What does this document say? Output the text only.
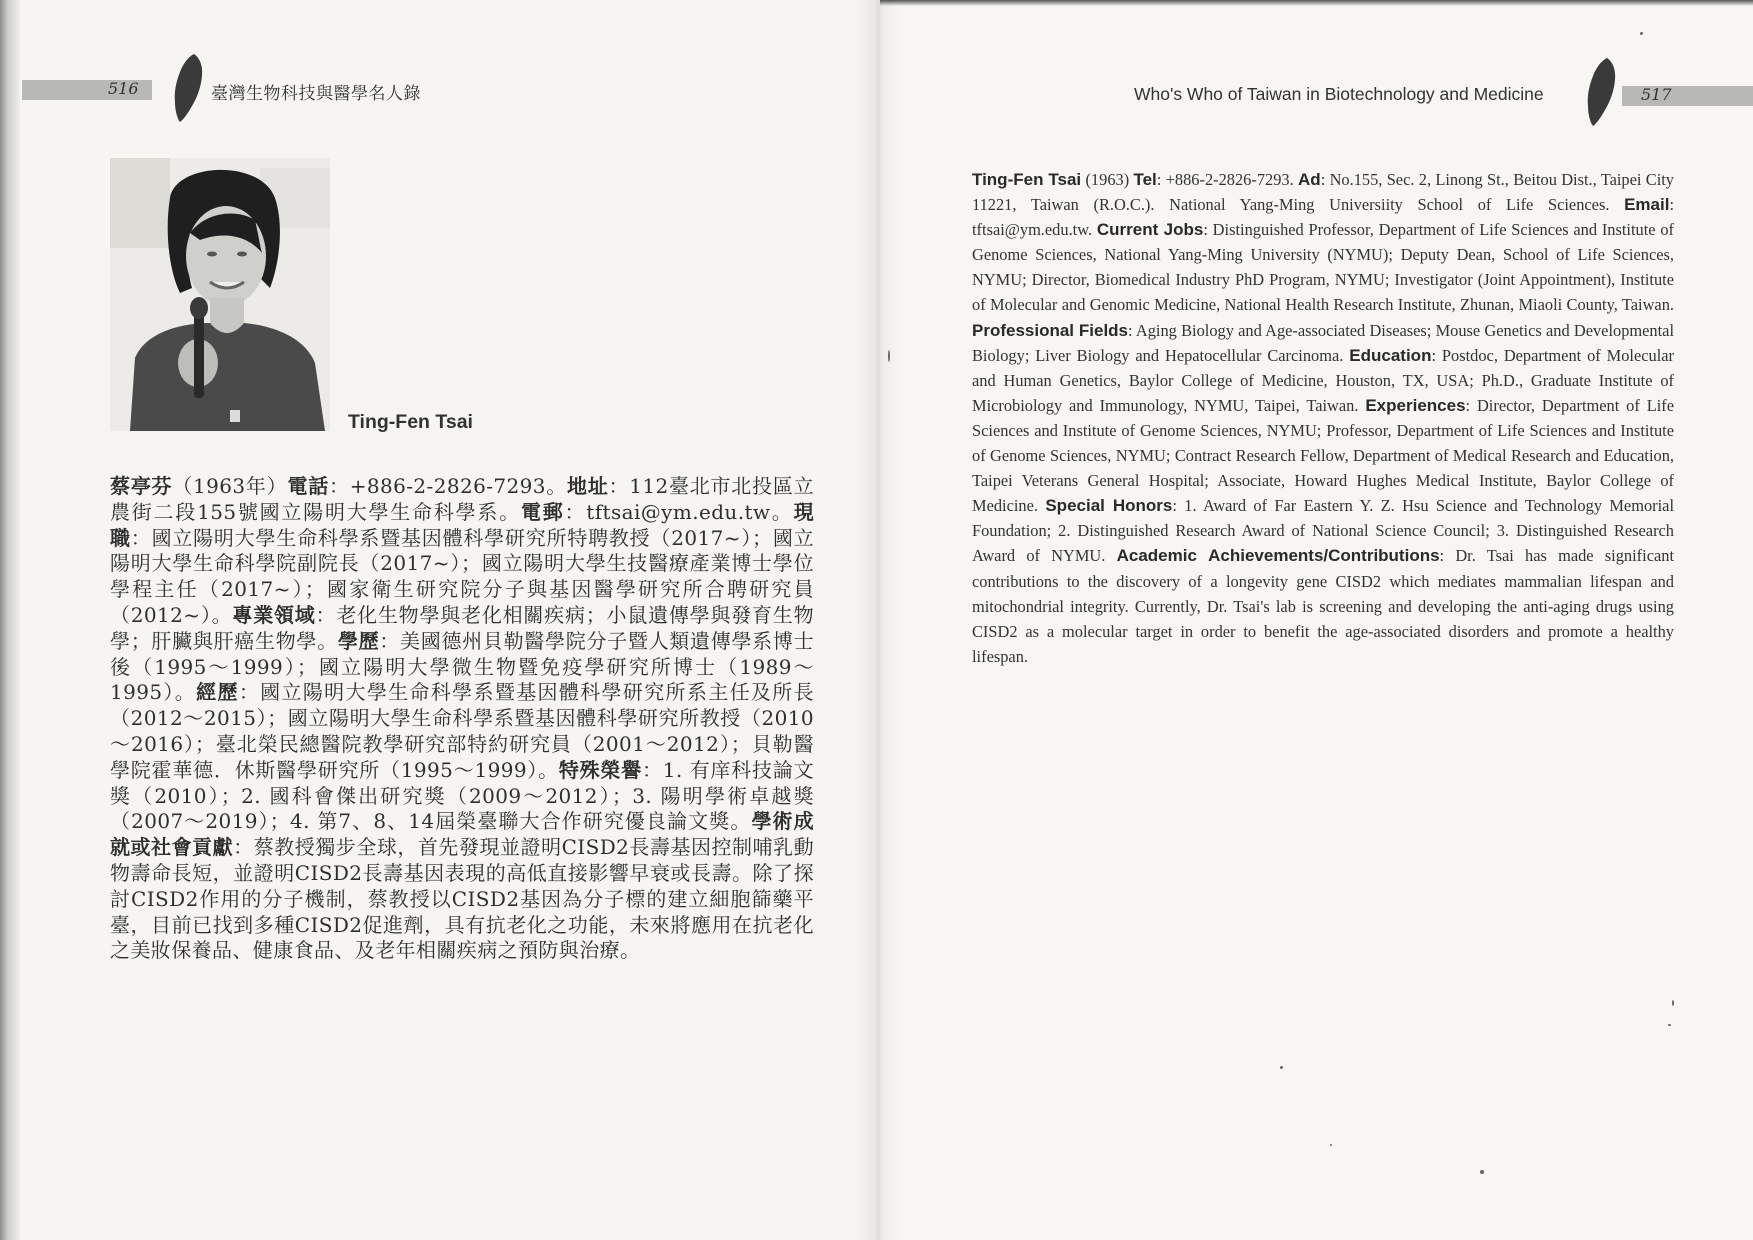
516	臺灣生物科技與醫學名人錄
Ting-Fen Tsai
蔡亭芬（1963年）電話：+886-2-2826-7293。地址：112臺北市北投區立農街二段155號國立陽明大學生命科學系。電郵：tftsai@ym.edu.tw。現職：國立陽明大學生命科學系暨基因體科學研究所特聘教授（2017~）；國立陽明大學生命科學院副院長（2017~）；國立陽明大學生技醫療產業博士學位學程主任（2017~）；國家衛生研究院分子與基因醫學研究所合聘研究員（2012~）。專業領域：老化生物學與老化相關疾病；小鼠遺傳學與發育生物學；肝臟與肝癌生物學。學歷：美國德州貝勒醫學院分子暨人類遺傳學系博士後（1995～1999）；國立陽明大學微生物暨免疫學研究所博士（1989～1995）。經歷：國立陽明大學生命科學系暨基因體科學研究所系主任及所長（2012～2015）；國立陽明大學生命科學系暨基因體科學研究所教授（2010～2016）；臺北榮民總醫院教學研究部特約研究員（2001～2012）；貝勒醫學院霍華德．休斯醫學研究所（1995～1999）。特殊榮譽：1. 有庠科技論文獎（2010）；2. 國科會傑出研究獎（2009～2012）；3. 陽明學術卓越獎（2007～2019）；4. 第7、8、14屆榮臺聯大合作研究優良論文獎。學術成就或社會貢獻：蔡教授獨步全球，首先發現並證明CISD2長壽基因控制哺乳動物壽命長短，並證明CISD2長壽基因表現的高低直接影響早衰或長壽。除了探討CISD2作用的分子機制，蔡教授以CISD2基因為分子標的建立細胞篩藥平臺，目前已找到多種CISD2促進劑，具有抗老化之功能，未來將應用在抗老化之美妝保養品、健康食品、及老年相關疾病之預防與治療。
Who's Who of Taiwan in Biotechnology and Medicine	517
Ting-Fen Tsai (1963) Tel: +886-2-2826-7293. Ad: No.155, Sec. 2, Linong St., Beitou Dist., Taipei City 11221, Taiwan (R.O.C.). National Yang-Ming Universiity School of Life Sciences. Email: tftsai@ym.edu.tw. Current Jobs: Distinguished Professor, Department of Life Sciences and Institute of Genome Sciences, National Yang-Ming University (NYMU); Deputy Dean, School of Life Sciences, NYMU; Director, Biomedical Industry PhD Program, NYMU; Investigator (Joint Appointment), Institute of Molecular and Genomic Medicine, National Health Research Institute, Zhunan, Miaoli County, Taiwan. Professional Fields: Aging Biology and Age-associated Diseases; Mouse Genetics and Developmental Biology; Liver Biology and Hepatocellular Carcinoma. Education: Postdoc, Department of Molecular and Human Genetics, Baylor College of Medicine, Houston, TX, USA; Ph.D., Graduate Institute of Microbiology and Immunology, NYMU, Taipei, Taiwan. Experiences: Director, Department of Life Sciences and Institute of Genome Sciences, NYMU; Professor, Department of Life Sciences and Institute of Genome Sciences, NYMU; Contract Research Fellow, Department of Medical Research and Education, Taipei Veterans General Hospital; Associate, Howard Hughes Medical Institute, Baylor College of Medicine. Special Honors: 1. Award of Far Eastern Y. Z. Hsu Science and Technology Memorial Foundation; 2. Distinguished Research Award of National Science Council; 3. Distinguished Research Award of NYMU. Academic Achievements/Contributions: Dr. Tsai has made significant contributions to the discovery of a longevity gene CISD2 which mediates mammalian lifespan and mitochondrial integrity. Currently, Dr. Tsai's lab is screening and developing the anti-aging drugs using CISD2 as a molecular target in order to benefit the age-associated disorders and promote a healthy lifespan.
